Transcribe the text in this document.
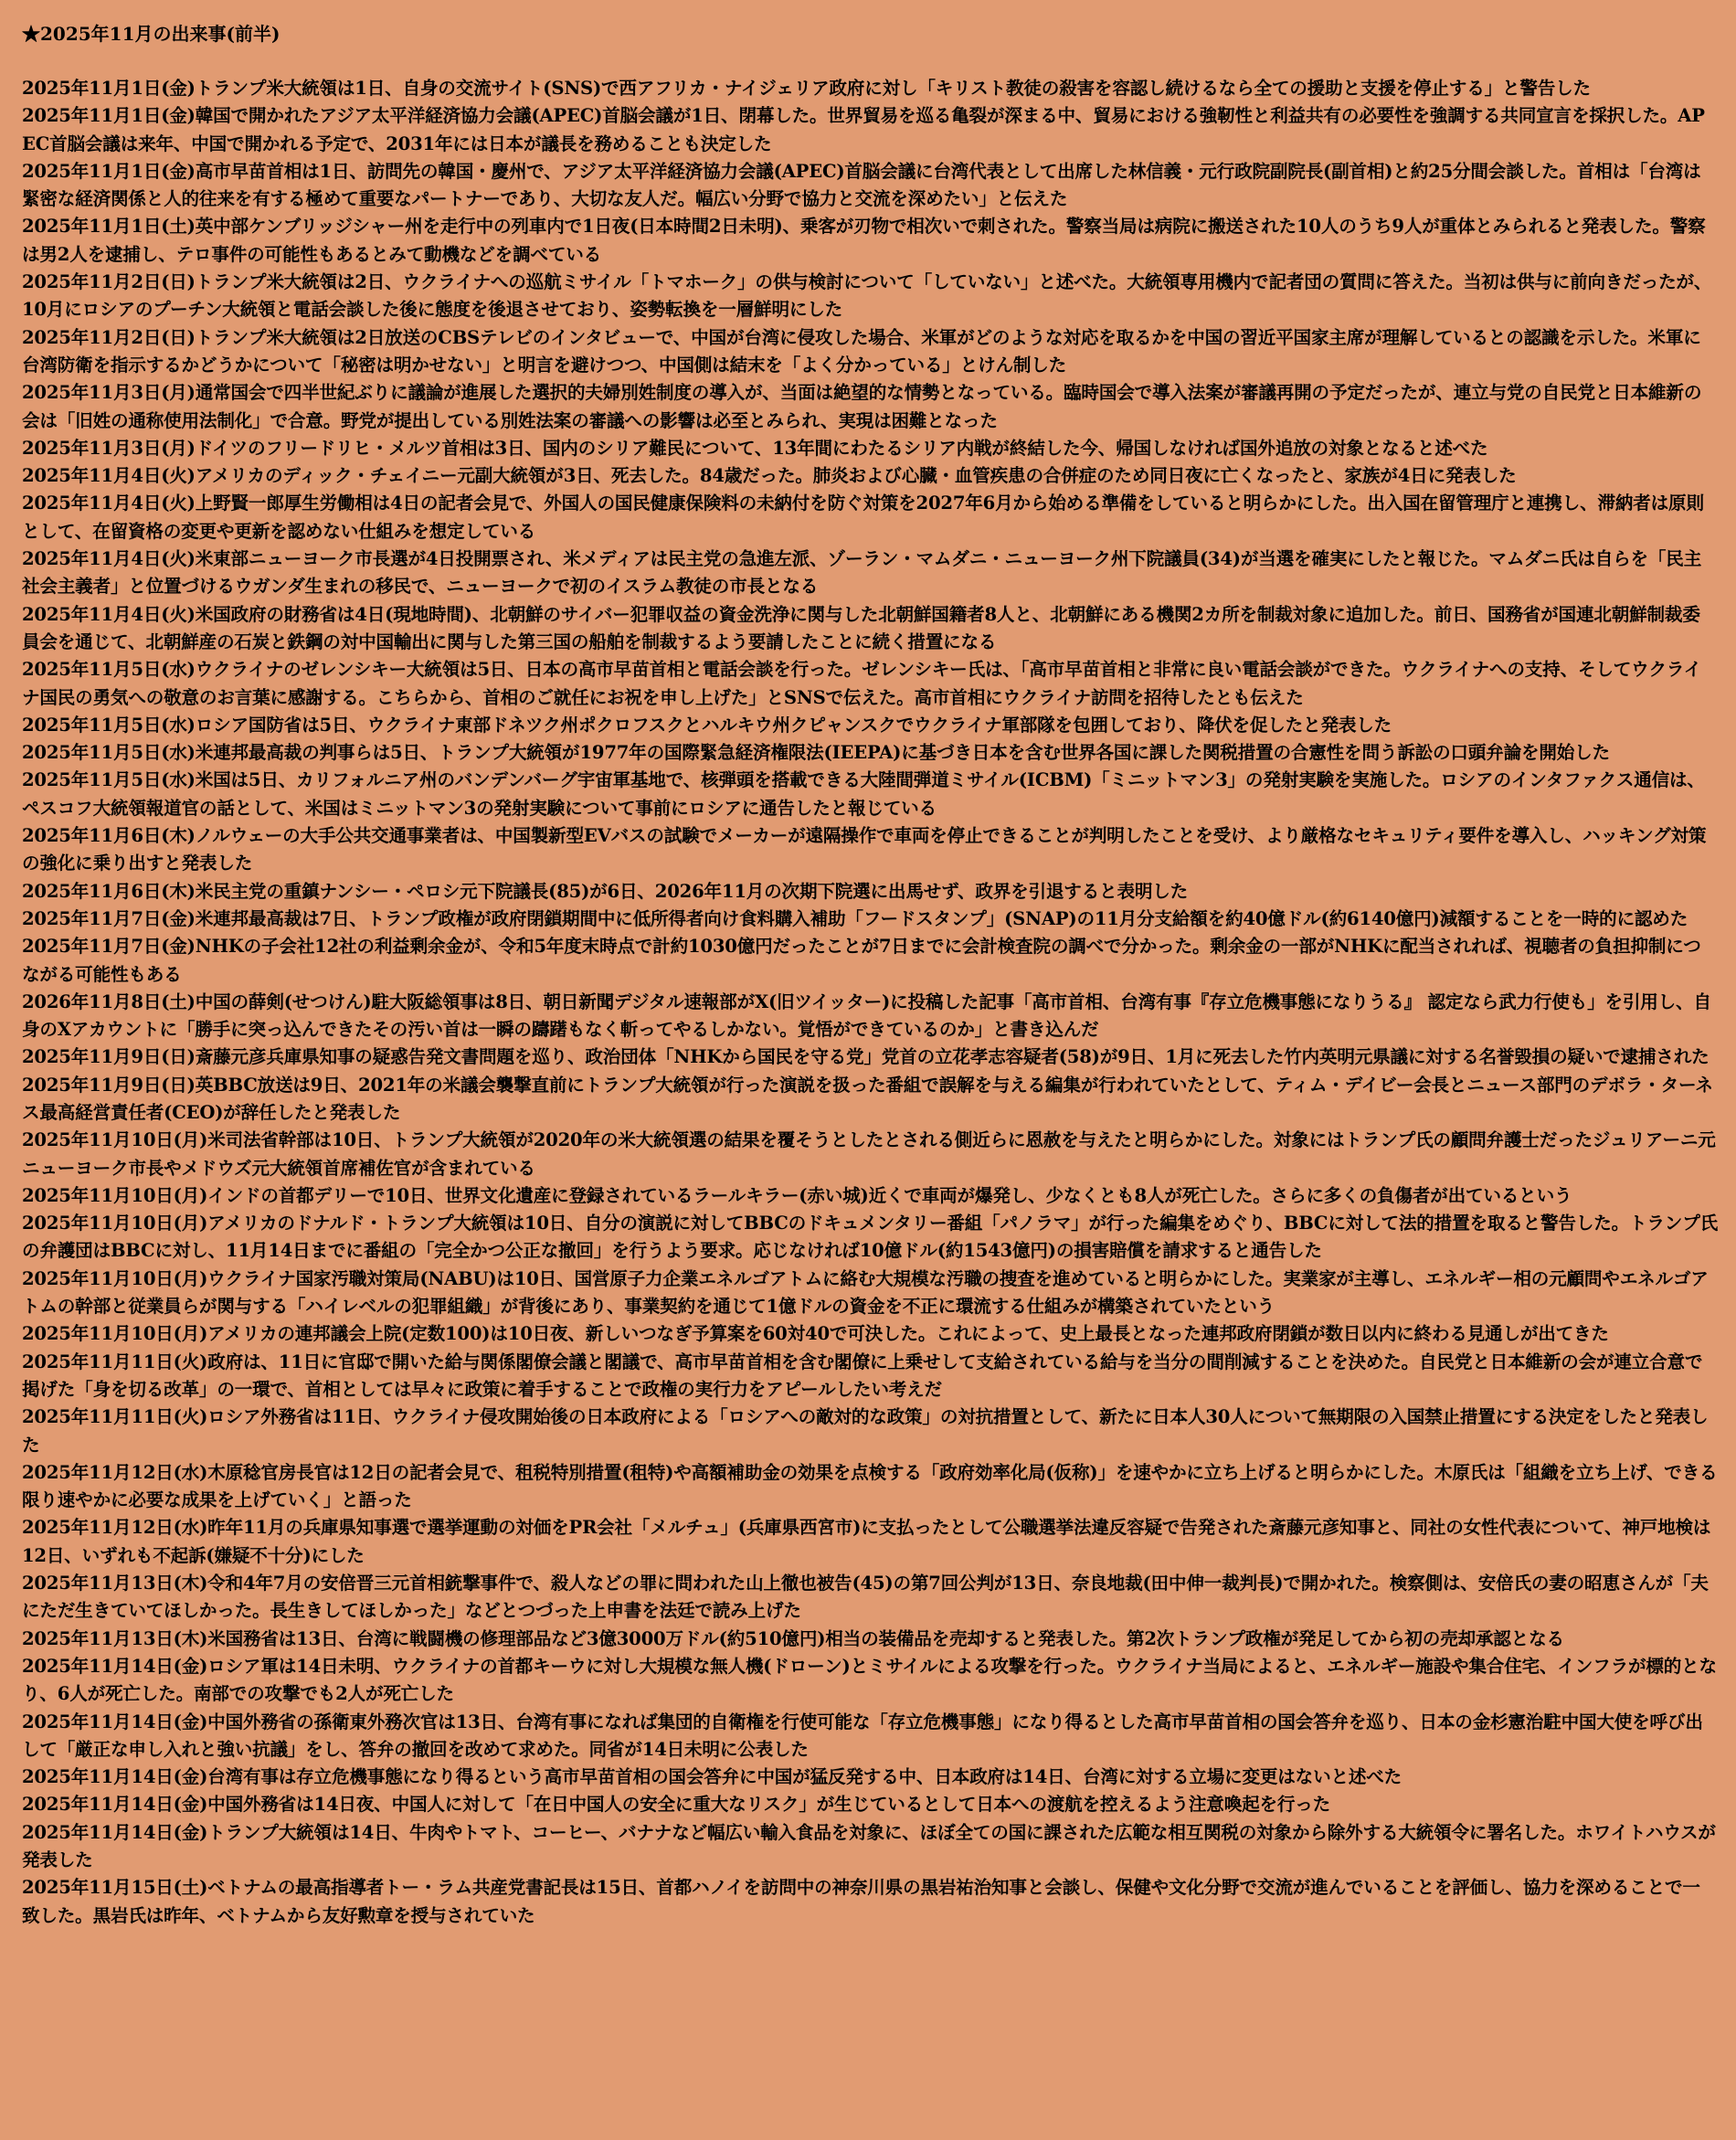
★2025年11月の出来事(前半)
2025年11月1日(金)トランプ米大統領は1日、自身の交流サイト(SNS)で西アフリカ・ナイジェリア政府に対し「キリスト教徒の殺害を容認し続けるなら全ての援助と支援を停止する」と警告した
2025年11月1日(金)韓国で開かれたアジア太平洋経済協力会議(APEC)首脳会議が1日、閉幕した。世界貿易を巡る亀裂が深まる中、貿易における強靭性と利益共有の必要性を強調する共同宣言を採択した。APEC首脳会議は来年、中国で開かれる予定で、2031年には日本が議長を務めることも決定した
2025年11月1日(金)高市早苗首相は1日、訪問先の韓国・慶州で、アジア太平洋経済協力会議(APEC)首脳会議に台湾代表として出席した林信義・元行政院副院長(副首相)と約25分間会談した。首相は「台湾は緊密な経済関係と人的往来を有する極めて重要なパートナーであり、大切な友人だ。幅広い分野で協力と交流を深めたい」と伝えた
2025年11月1日(土)英中部ケンブリッジシャー州を走行中の列車内で1日夜(日本時間2日未明)、乗客が刃物で相次いで刺された。警察当局は病院に搬送された10人のうち9人が重体とみられると発表した。警察は男2人を逮捕し、テロ事件の可能性もあるとみて動機などを調べている
2025年11月2日(日)トランプ米大統領は2日、ウクライナへの巡航ミサイル「トマホーク」の供与検討について「していない」と述べた。大統領専用機内で記者団の質問に答えた。当初は供与に前向きだったが、10月にロシアのプーチン大統領と電話会談した後に態度を後退させており、姿勢転換を一層鮮明にした
2025年11月2日(日)トランプ米大統領は2日放送のCBSテレビのインタビューで、中国が台湾に侵攻した場合、米軍がどのような対応を取るかを中国の習近平国家主席が理解しているとの認識を示した。米軍に台湾防衛を指示するかどうかについて「秘密は明かせない」と明言を避けつつ、中国側は結末を「よく分かっている」とけん制した
2025年11月3日(月)通常国会で四半世紀ぶりに議論が進展した選択的夫婦別姓制度の導入が、当面は絶望的な情勢となっている。臨時国会で導入法案が審議再開の予定だったが、連立与党の自民党と日本維新の会は「旧姓の通称使用法制化」で合意。野党が提出している別姓法案の審議への影響は必至とみられ、実現は困難となった
2025年11月3日(月)ドイツのフリードリヒ・メルツ首相は3日、国内のシリア難民について、13年間にわたるシリア内戦が終結した今、帰国しなければ国外追放の対象となると述べた
2025年11月4日(火)アメリカのディック・チェイニー元副大統領が3日、死去した。84歳だった。肺炎および心臓・血管疾患の合併症のため同日夜に亡くなったと、家族が4日に発表した
2025年11月4日(火)上野賢一郎厚生労働相は4日の記者会見で、外国人の国民健康保険料の未納付を防ぐ対策を2027年6月から始める準備をしていると明らかにした。出入国在留管理庁と連携し、滞納者は原則として、在留資格の変更や更新を認めない仕組みを想定している
2025年11月4日(火)米東部ニューヨーク市長選が4日投開票され、米メディアは民主党の急進左派、ゾーラン・マムダニ・ニューヨーク州下院議員(34)が当選を確実にしたと報じた。マムダニ氏は自らを「民主社会主義者」と位置づけるウガンダ生まれの移民で、ニューヨークで初のイスラム教徒の市長となる
2025年11月4日(火)米国政府の財務省は4日(現地時間)、北朝鮮のサイバー犯罪収益の資金洗浄に関与した北朝鮮国籍者8人と、北朝鮮にある機関2カ所を制裁対象に追加した。前日、国務省が国連北朝鮮制裁委員会を通じて、北朝鮮産の石炭と鉄鋼の対中国輸出に関与した第三国の船舶を制裁するよう要請したことに続く措置になる
2025年11月5日(水)ウクライナのゼレンシキー大統領は5日、日本の高市早苗首相と電話会談を行った。ゼレンシキー氏は、「高市早苗首相と非常に良い電話会談ができた。ウクライナへの支持、そしてウクライナ国民の勇気への敬意のお言葉に感謝する。こちらから、首相のご就任にお祝を申し上げた」とSNSで伝えた。高市首相にウクライナ訪問を招待したとも伝えた
2025年11月5日(水)ロシア国防省は5日、ウクライナ東部ドネツク州ポクロフスクとハルキウ州クピャンスクでウクライナ軍部隊を包囲しており、降伏を促したと発表した
2025年11月5日(水)米連邦最高裁の判事らは5日、トランプ大統領が1977年の国際緊急経済権限法(IEEPA)に基づき日本を含む世界各国に課した関税措置の合憲性を問う訴訟の口頭弁論を開始した
2025年11月5日(水)米国は5日、カリフォルニア州のバンデンバーグ宇宙軍基地で、核弾頭を搭載できる大陸間弾道ミサイル(ICBM)「ミニットマン3」の発射実験を実施した。ロシアのインタファクス通信は、ペスコフ大統領報道官の話として、米国はミニットマン3の発射実験について事前にロシアに通告したと報じている
2025年11月6日(木)ノルウェーの大手公共交通事業者は、中国製新型EVバスの試験でメーカーが遠隔操作で車両を停止できることが判明したことを受け、より厳格なセキュリティ要件を導入し、ハッキング対策の強化に乗り出すと発表した
2025年11月6日(木)米民主党の重鎮ナンシー・ペロシ元下院議長(85)が6日、2026年11月の次期下院選に出馬せず、政界を引退すると表明した
2025年11月7日(金)米連邦最高裁は7日、トランプ政権が政府閉鎖期間中に低所得者向け食料購入補助「フードスタンプ」(SNAP)の11月分支給額を約40億ドル(約6140億円)減額することを一時的に認めた
2025年11月7日(金)NHKの子会社12社の利益剰余金が、令和5年度末時点で計約1030億円だったことが7日までに会計検査院の調べで分かった。剰余金の一部がNHKに配当されれば、視聴者の負担抑制につながる可能性もある
2026年11月8日(土)中国の薛剣(せつけん)駐大阪総領事は8日、朝日新聞デジタル速報部がX(旧ツイッター)に投稿した記事「高市首相、台湾有事『存立危機事態になりうる』 認定なら武力行使も」を引用し、自身のXアカウントに「勝手に突っ込んできたその汚い首は一瞬の躊躇もなく斬ってやるしかない。覚悟ができているのか」と書き込んだ
2025年11月9日(日)斎藤元彦兵庫県知事の疑惑告発文書問題を巡り、政治団体「NHKから国民を守る党」党首の立花孝志容疑者(58)が9日、1月に死去した竹内英明元県議に対する名誉毀損の疑いで逮捕された
2025年11月9日(日)英BBC放送は9日、2021年の米議会襲撃直前にトランプ大統領が行った演説を扱った番組で誤解を与える編集が行われていたとして、ティム・デイビー会長とニュース部門のデボラ・ターネス最高経営責任者(CEO)が辞任したと発表した
2025年11月10日(月)米司法省幹部は10日、トランプ大統領が2020年の米大統領選の結果を覆そうとしたとされる側近らに恩赦を与えたと明らかにした。対象にはトランプ氏の顧問弁護士だったジュリアーニ元ニューヨーク市長やメドウズ元大統領首席補佐官が含まれている
2025年11月10日(月)インドの首都デリーで10日、世界文化遺産に登録されているラールキラー(赤い城)近くで車両が爆発し、少なくとも8人が死亡した。さらに多くの負傷者が出ているという
2025年11月10日(月)アメリカのドナルド・トランプ大統領は10日、自分の演説に対してBBCのドキュメンタリー番組「パノラマ」が行った編集をめぐり、BBCに対して法的措置を取ると警告した。トランプ氏の弁護団はBBCに対し、11月14日までに番組の「完全かつ公正な撤回」を行うよう要求。応じなければ10億ドル(約1543億円)の損害賠償を請求すると通告した
2025年11月10日(月)ウクライナ国家汚職対策局(NABU)は10日、国営原子力企業エネルゴアトムに絡む大規模な汚職の捜査を進めていると明らかにした。実業家が主導し、エネルギー相の元顧問やエネルゴアトムの幹部と従業員らが関与する「ハイレベルの犯罪組織」が背後にあり、事業契約を通じて1億ドルの資金を不正に環流する仕組みが構築されていたという
2025年11月10日(月)アメリカの連邦議会上院(定数100)は10日夜、新しいつなぎ予算案を60対40で可決した。これによって、史上最長となった連邦政府閉鎖が数日以内に終わる見通しが出てきた
2025年11月11日(火)政府は、11日に官邸で開いた給与関係閣僚会議と閣議で、高市早苗首相を含む閣僚に上乗せして支給されている給与を当分の間削減することを決めた。自民党と日本維新の会が連立合意で掲げた「身を切る改革」の一環で、首相としては早々に政策に着手することで政権の実行力をアピールしたい考えだ
2025年11月11日(火)ロシア外務省は11日、ウクライナ侵攻開始後の日本政府による「ロシアへの敵対的な政策」の対抗措置として、新たに日本人30人について無期限の入国禁止措置にする決定をしたと発表した
2025年11月12日(水)木原稔官房長官は12日の記者会見で、租税特別措置(租特)や高額補助金の効果を点検する「政府効率化局(仮称)」を速やかに立ち上げると明らかにした。木原氏は「組織を立ち上げ、できる限り速やかに必要な成果を上げていく」と語った
2025年11月12日(水)昨年11月の兵庫県知事選で選挙運動の対価をPR会社「メルチュ」(兵庫県西宮市)に支払ったとして公職選挙法違反容疑で告発された斎藤元彦知事と、同社の女性代表について、神戸地検は12日、いずれも不起訴(嫌疑不十分)にした
2025年11月13日(木)令和4年7月の安倍晋三元首相銃撃事件で、殺人などの罪に問われた山上徹也被告(45)の第7回公判が13日、奈良地裁(田中伸一裁判長)で開かれた。検察側は、安倍氏の妻の昭恵さんが「夫にただ生きていてほしかった。長生きしてほしかった」などとつづった上申書を法廷で読み上げた
2025年11月13日(木)米国務省は13日、台湾に戦闘機の修理部品など3億3000万ドル(約510億円)相当の装備品を売却すると発表した。第2次トランプ政権が発足してから初の売却承認となる
2025年11月14日(金)ロシア軍は14日未明、ウクライナの首都キーウに対し大規模な無人機(ドローン)とミサイルによる攻撃を行った。ウクライナ当局によると、エネルギー施設や集合住宅、インフラが標的となり、6人が死亡した。南部での攻撃でも2人が死亡した
2025年11月14日(金)中国外務省の孫衛東外務次官は13日、台湾有事になれば集団的自衛権を行使可能な「存立危機事態」になり得るとした高市早苗首相の国会答弁を巡り、日本の金杉憲治駐中国大使を呼び出して「厳正な申し入れと強い抗議」をし、答弁の撤回を改めて求めた。同省が14日未明に公表した
2025年11月14日(金)台湾有事は存立危機事態になり得るという高市早苗首相の国会答弁に中国が猛反発する中、日本政府は14日、台湾に対する立場に変更はないと述べた
2025年11月14日(金)中国外務省は14日夜、中国人に対して「在日中国人の安全に重大なリスク」が生じているとして日本への渡航を控えるよう注意喚起を行った
2025年11月14日(金)トランプ大統領は14日、牛肉やトマト、コーヒー、バナナなど幅広い輸入食品を対象に、ほぼ全ての国に課された広範な相互関税の対象から除外する大統領令に署名した。ホワイトハウスが発表した
2025年11月15日(土)ベトナムの最高指導者トー・ラム共産党書記長は15日、首都ハノイを訪問中の神奈川県の黒岩祐治知事と会談し、保健や文化分野で交流が進んでいることを評価し、協力を深めることで一致した。黒岩氏は昨年、ベトナムから友好勲章を授与されていた
